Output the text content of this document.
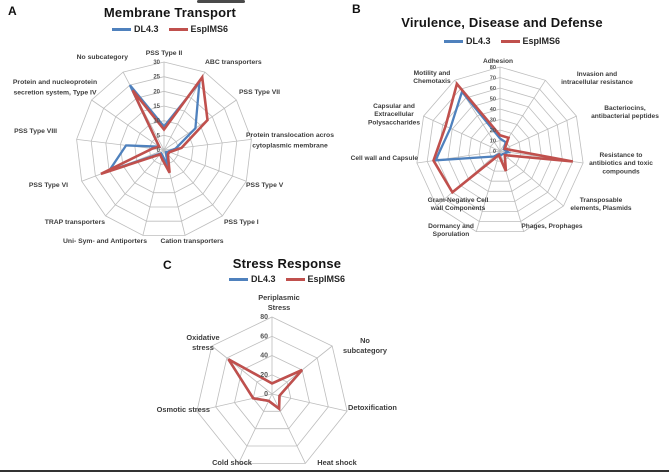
A	B
C
Membrane Transport
Virulence, Disease and Defense
Stress Response
DL4.3	EspIMS6
DL4.3	EspIMS6
DL4.3	EspIMS6
30
25
20
15
10
5
0
PSS Type II
ABC transporters
PSS Type VII
Protein translocation acros
cytoplasmic membrane
PSS Type V
PSS Type I
Cation transporters
Uni- Sym- and Antiporters
TRAP transporters
PSS Type VI
PSS Type VIII
Protein and nucleoprotein
secretion system, Type IV
No subcategory
80
70
60
50
40
30
20
10
0
Adhesion
Invasion and
intracellular resistance
Bacteriocins,
antibacterial peptides
Resistance to
antibiotics and toxic
compounds
Transposable
elements, Plasmids
Phages, Prophages
Dormancy and
Sporulation
Gram-Negative Cell
wall Components
Cell wall and Capsule
Capsular and
Extracellular
Polysaccharides
Motility and
Chemotaxis
80
60
40
20
0
Periplasmic
Stress
No
subcategory
Detoxification
Heat shock
Cold shock
Osmotic stress
Oxidative
stress
